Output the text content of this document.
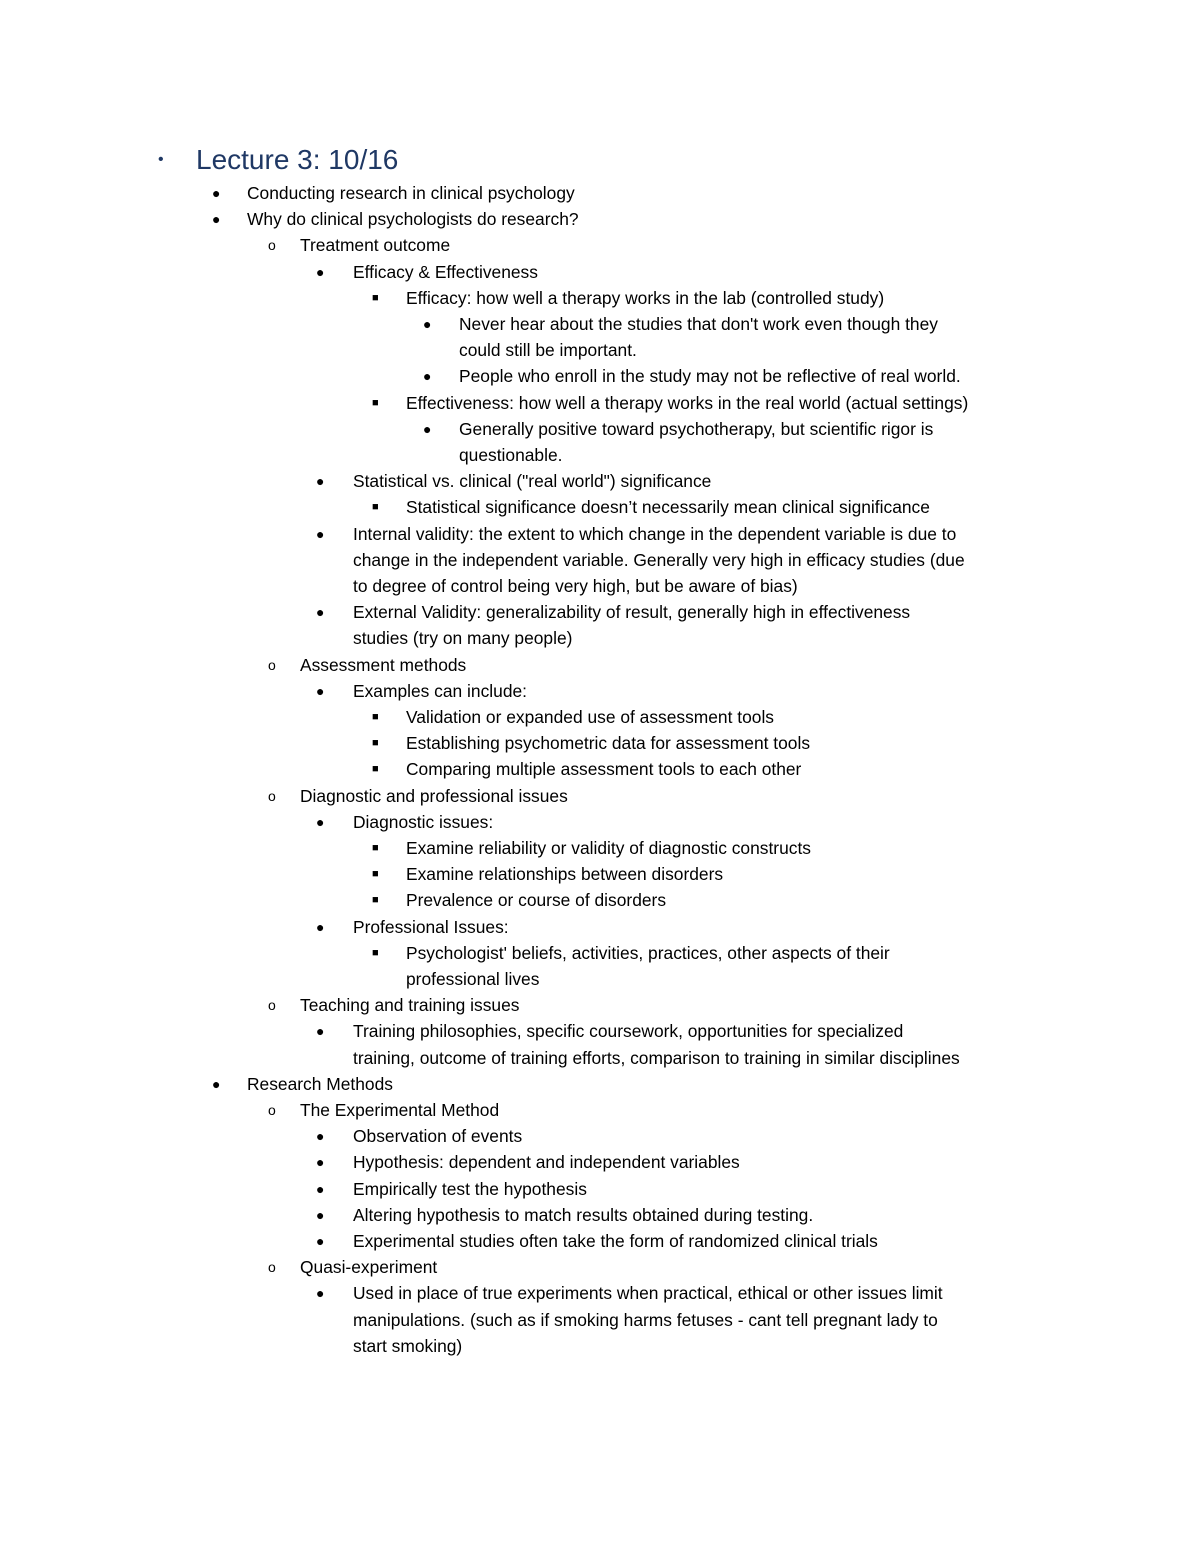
• Lecture 3: 10/16
Conducting research in clinical psychology
Why do clinical psychologists do research?
Treatment outcome
Efficacy & Effectiveness
Efficacy: how well a therapy works in the lab (controlled study)
Never hear about the studies that don't work even though they
could still be important.
People who enroll in the study may not be reflective of real world.
Effectiveness: how well a therapy works in the real world (actual settings)
Generally positive toward psychotherapy, but scientific rigor is
questionable.
Statistical vs. clinical ("real world") significance
Statistical significance doesn’t necessarily mean clinical significance
Internal validity: the extent to which change in the dependent variable is due to
change in the independent variable. Generally very high in efficacy studies (due
to degree of control being very high, but be aware of bias)
External Validity: generalizability of result, generally high in effectiveness
studies (try on many people)
Assessment methods
Examples can include:
Validation or expanded use of assessment tools
Establishing psychometric data for assessment tools
Comparing multiple assessment tools to each other
Diagnostic and professional issues
Diagnostic issues:
Examine reliability or validity of diagnostic constructs
Examine relationships between disorders
Prevalence or course of disorders
Professional Issues:
Psychologist' beliefs, activities, practices, other aspects of their
professional lives
Teaching and training issues
Training philosophies, specific coursework, opportunities for specialized
training, outcome of training efforts, comparison to training in similar disciplines
Research Methods
The Experimental Method
Observation of events
Hypothesis: dependent and independent variables
Empirically test the hypothesis
Altering hypothesis to match results obtained during testing.
Experimental studies often take the form of randomized clinical trials
Quasi-experiment
Used in place of true experiments when practical, ethical or other issues limit
manipulations. (such as if smoking harms fetuses - cant tell pregnant lady to
start smoking)
●
●
o
●
■
●
●
■
●
●
■
●
●
o
●
■
■
■
o
●
■
■
■
●
■
o
●
●
o
●
●
●
●
●
o
●
